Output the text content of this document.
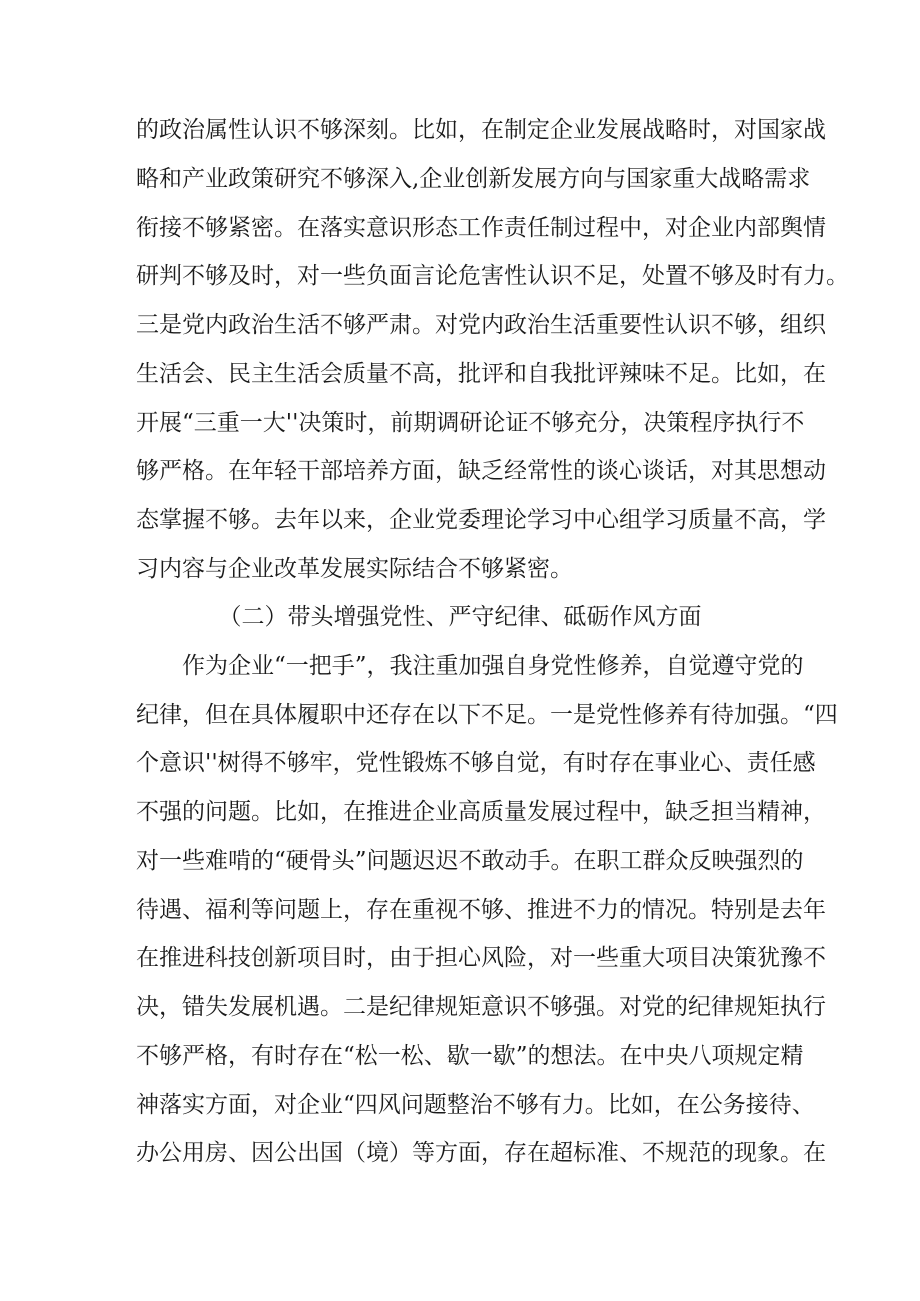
的政治属性认识不够深刻。比如，在制定企业发展战略时，对国家战
略和产业政策研究不够深入,企业创新发展方向与国家重大战略需求
衔接不够紧密。在落实意识形态工作责任制过程中，对企业内部舆情
研判不够及时，对一些负面言论危害性认识不足，处置不够及时有力。
三是党内政治生活不够严肃。对党内政治生活重要性认识不够，组织
生活会、民主生活会质量不高，批评和自我批评辣味不足。比如，在
开展“三重一大''决策时，前期调研论证不够充分，决策程序执行不
够严格。在年轻干部培养方面，缺乏经常性的谈心谈话，对其思想动
态掌握不够。去年以来，企业党委理论学习中心组学习质量不高，学
习内容与企业改革发展实际结合不够紧密。
（二）带头增强党性、严守纪律、砥砺作风方面
作为企业“一把手”，我注重加强自身党性修养，自觉遵守党的
纪律，但在具体履职中还存在以下不足。一是党性修养有待加强。“四
个意识''树得不够牢，党性锻炼不够自觉，有时存在事业心、责任感
不强的问题。比如，在推进企业高质量发展过程中，缺乏担当精神，
对一些难啃的“硬骨头”问题迟迟不敢动手。在职工群众反映强烈的
待遇、福利等问题上，存在重视不够、推进不力的情况。特别是去年
在推进科技创新项目时，由于担心风险，对一些重大项目决策犹豫不
决，错失发展机遇。二是纪律规矩意识不够强。对党的纪律规矩执行
不够严格，有时存在“松一松、歇一歇”的想法。在中央八项规定精
神落实方面，对企业“四风问题整治不够有力。比如，在公务接待、
办公用房、因公出国（境）等方面，存在超标准、不规范的现象。在
